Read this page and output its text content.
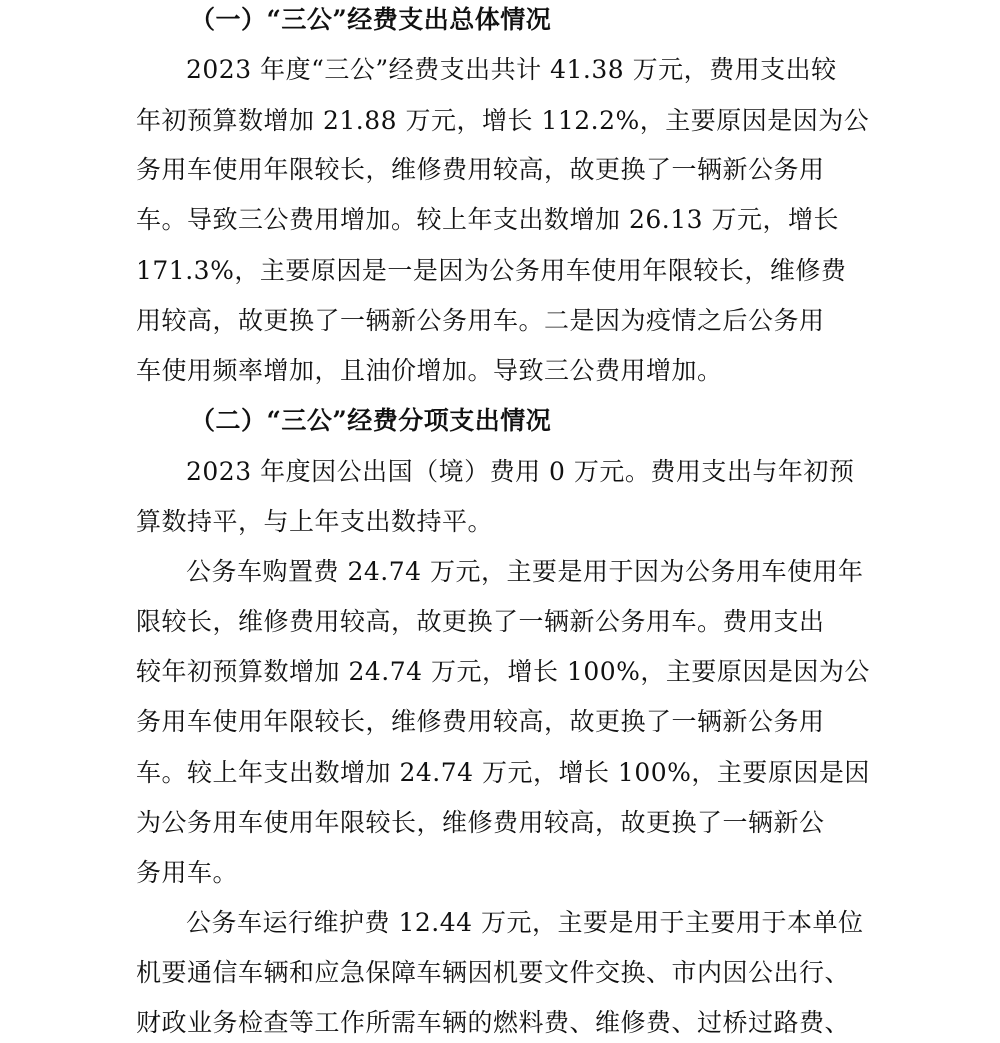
（一）“三公”经费支出总体情况
2023 年度“三公”经费支出共计 41.38 万元，费用支出较
年初预算数增加 21.88 万元，增长 112.2%，主要原因是因为公
务用车使用年限较长，维修费用较高，故更换了一辆新公务用
车。导致三公费用增加。较上年支出数增加 26.13 万元，增长
171.3%，主要原因是一是因为公务用车使用年限较长，维修费
用较高，故更换了一辆新公务用车。二是因为疫情之后公务用
车使用频率增加，且油价增加。导致三公费用增加。
（二）“三公”经费分项支出情况
2023 年度因公出国（境）费用 0 万元。费用支出与年初预
算数持平，与上年支出数持平。
公务车购置费 24.74 万元，主要是用于因为公务用车使用年
限较长，维修费用较高，故更换了一辆新公务用车。费用支出
较年初预算数增加 24.74 万元，增长 100%，主要原因是因为公
务用车使用年限较长，维修费用较高，故更换了一辆新公务用
车。较上年支出数增加 24.74 万元，增长 100%，主要原因是因
为公务用车使用年限较长，维修费用较高，故更换了一辆新公
务用车。
公务车运行维护费 12.44 万元，主要是用于主要用于本单位
机要通信车辆和应急保障车辆因机要文件交换、市内因公出行、
财政业务检查等工作所需车辆的燃料费、维修费、过桥过路费、
